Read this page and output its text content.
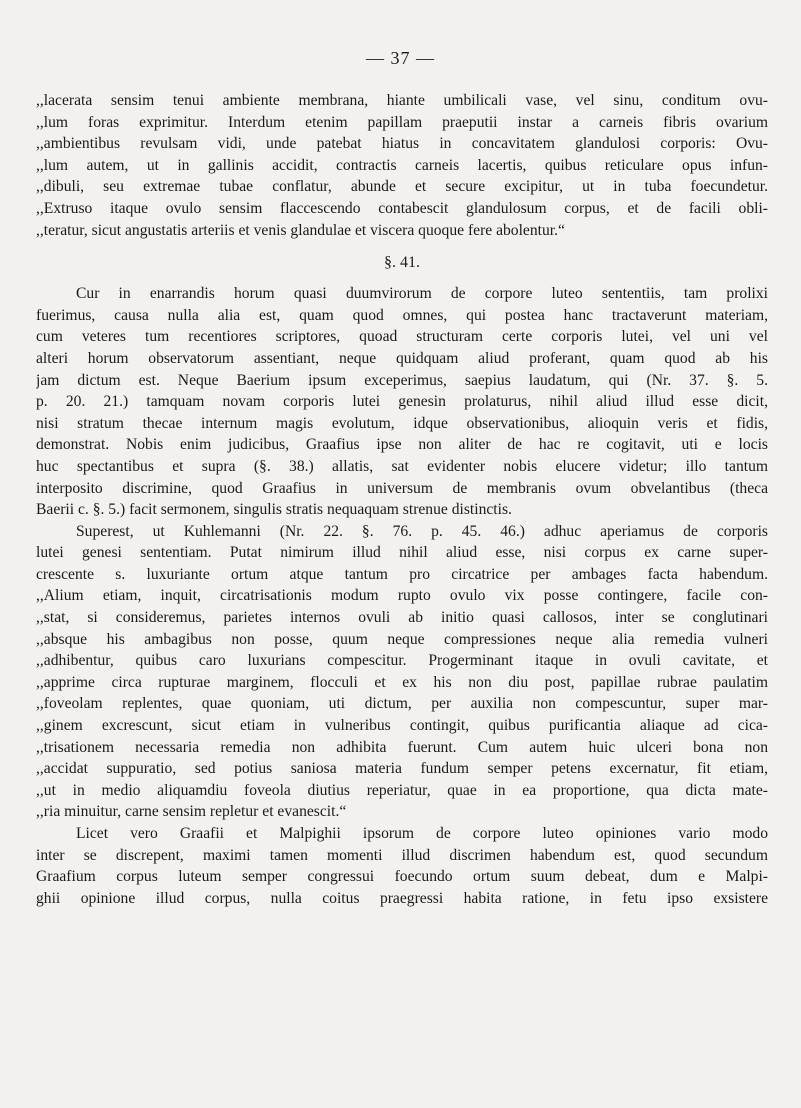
— 37 —
,,lacerata sensim tenui ambiente membrana, hiante umbilicali vase, vel sinu, conditum ovu-
,,lum foras exprimitur. Interdum etenim papillam praeputii instar a carneis fibris ovarium
,,ambientibus revulsam vidi, unde patebat hiatus in concavitatem glandulosi corporis: Ovu-
,,lum autem, ut in gallinis accidit, contractis carneis lacertis, quibus reticulare opus infun-
,,dibuli, seu extremae tubae conflatur, abunde et secure excipitur, ut in tuba foecundetur.
,,Extruso itaque ovulo sensim flaccescendo contabescit glandulosum corpus, et de facili obli-
,,teratur, sicut angustatis arteriis et venis glandulae et viscera quoque fere abolentur.“
§. 41.
Cur in enarrandis horum quasi duumvirorum de corpore luteo sententiis, tam prolixi
fuerimus, causa nulla alia est, quam quod omnes, qui postea hanc tractaverunt materiam,
cum veteres tum recentiores scriptores, quoad structuram certe corporis lutei, vel uni vel
alteri horum observatorum assentiant, neque quidquam aliud proferant, quam quod ab his
jam dictum est. Neque Baerium ipsum exceperimus, saepius laudatum, qui (Nr. 37. §. 5.
p. 20. 21.) tamquam novam corporis lutei genesin prolaturus, nihil aliud illud esse dicit,
nisi stratum thecae internum magis evolutum, idque observationibus, alioquin veris et fidis,
demonstrat. Nobis enim judicibus, Graafius ipse non aliter de hac re cogitavit, uti e locis
huc spectantibus et supra (§. 38.) allatis, sat evidenter nobis elucere videtur; illo tantum
interposito discrimine, quod Graafius in universum de membranis ovum obvelantibus (theca
Baerii c. §. 5.) facit sermonem, singulis stratis nequaquam strenue distinctis.
Superest, ut Kuhlemanni (Nr. 22. §. 76. p. 45. 46.) adhuc aperiamus de corporis
lutei genesi sententiam. Putat nimirum illud nihil aliud esse, nisi corpus ex carne super-
crescente s. luxuriante ortum atque tantum pro circatrice per ambages facta habendum.
,,Alium etiam, inquit, circatrisationis modum rupto ovulo vix posse contingere, facile con-
,,stat, si consideremus, parietes internos ovuli ab initio quasi callosos, inter se conglutinari
,,absque his ambagibus non posse, quum neque compressiones neque alia remedia vulneri
,,adhibentur, quibus caro luxurians compescitur. Progerminant itaque in ovuli cavitate, et
,,apprime circa rupturae marginem, flocculi et ex his non diu post, papillae rubrae paulatim
,,foveolam replentes, quae quoniam, uti dictum, per auxilia non compescuntur, super mar-
,,ginem excrescunt, sicut etiam in vulneribus contingit, quibus purificantia aliaque ad cica-
,,trisationem necessaria remedia non adhibita fuerunt. Cum autem huic ulceri bona non
,,accidat suppuratio, sed potius saniosa materia fundum semper petens excernatur, fit etiam,
,,ut in medio aliquamdiu foveola diutius reperiatur, quae in ea proportione, qua dicta mate-
,,ria minuitur, carne sensim repletur et evanescit.“
Licet vero Graafii et Malpighii ipsorum de corpore luteo opiniones vario modo
inter se discrepent, maximi tamen momenti illud discrimen habendum est, quod secundum
Graafium corpus luteum semper congressui foecundo ortum suum debeat, dum e Malpi-
ghii opinione illud corpus, nulla coitus praegressi habita ratione, in fetu ipso exsistere
